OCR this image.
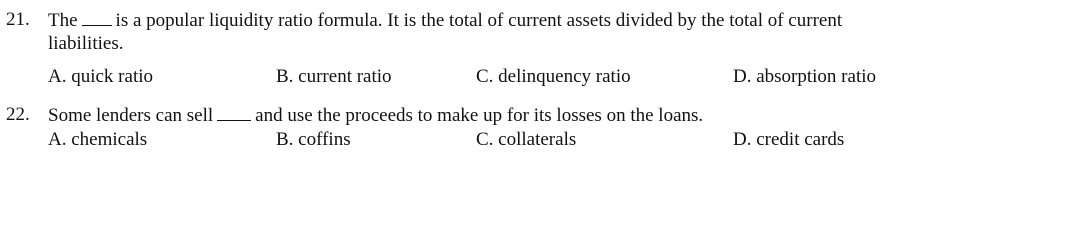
21. The is a popular liquidity ratio formula. It is the total of current assets divided by the total of current
liabilities.
A. quick ratio	B. current ratio	C. delinquency ratio	D. absorption ratio
22. Some lenders can sell and use the proceeds to make up for its losses on the loans.
A. chemicals	B. coffins	C. collaterals	D. credit cards
